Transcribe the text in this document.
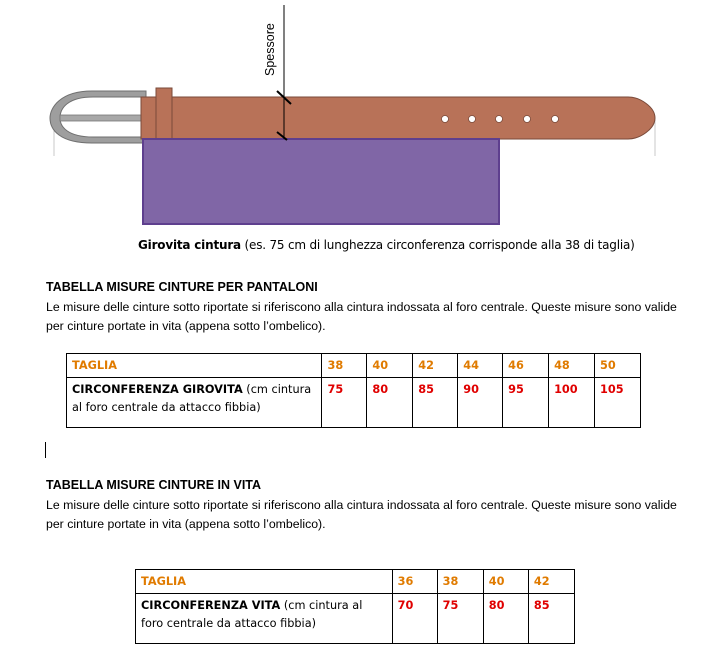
Spessore
Girovita cintura (es. 75 cm di lunghezza circonferenza corrisponde alla 38 di taglia)
TABELLA MISURE CINTURE PER PANTALONI
Le misure delle cinture sotto riportate si riferiscono alla cintura indossata al foro centrale. Queste misure sono valide per cinture portate in vita (appena sotto l’ombelico).
TAGLIA	38	40	42	44	46	48	50
CIRCONFERENZA GIROVITA (cm cintura al foro centrale da attacco fibbia)	75	80	85	90	95	100	105
TABELLA MISURE CINTURE IN VITA
Le misure delle cinture sotto riportate si riferiscono alla cintura indossata al foro centrale. Queste misure sono valide per cinture portate in vita (appena sotto l’ombelico).
TAGLIA	36	38	40	42
CIRCONFERENZA VITA (cm cintura al foro centrale da attacco fibbia)	70	75	80	85
